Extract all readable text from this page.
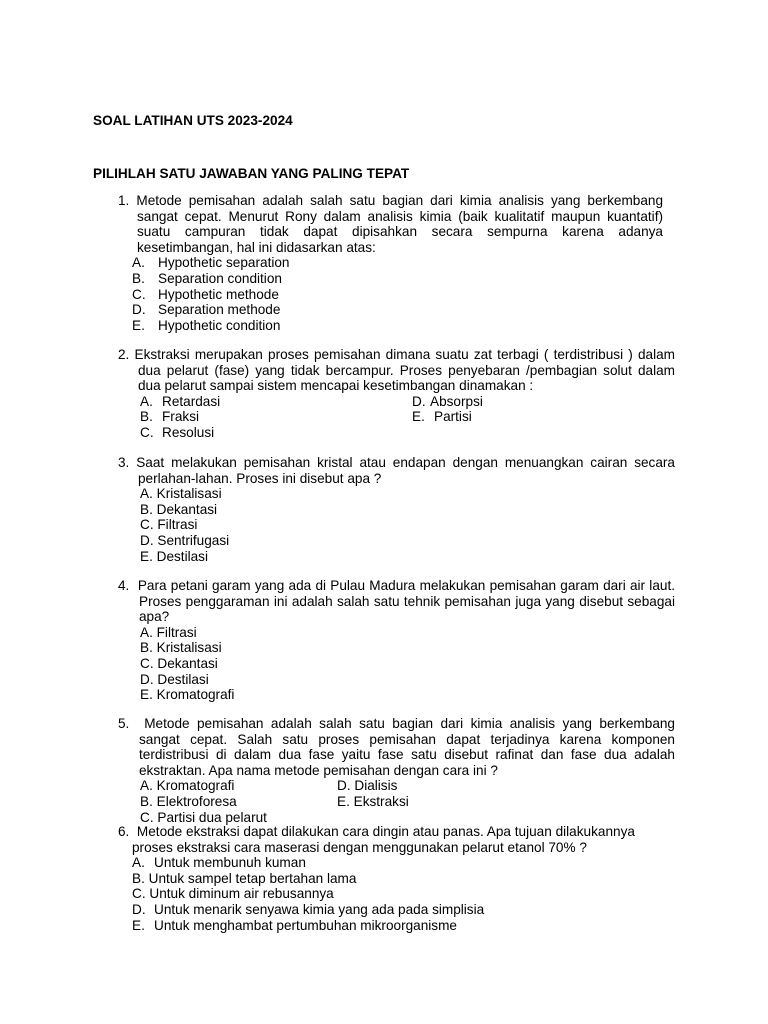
SOAL LATIHAN UTS 2023-2024
PILIHLAH SATU JAWABAN YANG PALING TEPAT
1. Metode pemisahan adalah salah satu bagian dari kimia analisis yang berkembang sangat cepat. Menurut Rony dalam analisis kimia (baik kualitatif maupun kuantatif) suatu campuran tidak dapat dipisahkan secara sempurna karena adanya kesetimbangan, hal ini didasarkan atas:
A. Hypothetic separation
B. Separation condition
C. Hypothetic methode
D. Separation methode
E. Hypothetic condition
2. Ekstraksi merupakan proses pemisahan dimana suatu zat terbagi ( terdistribusi ) dalam dua pelarut (fase) yang tidak bercampur. Proses penyebaran /pembagian solut dalam dua pelarut sampai sistem mencapai kesetimbangan dinamakan :
A. Retardasi
B. Fraksi
C. Resolusi
D. Absorpsi
E. Partisi
3. Saat melakukan pemisahan kristal atau endapan dengan menuangkan cairan secara perlahan-lahan. Proses ini disebut apa ?
A. Kristalisasi
B. Dekantasi
C. Filtrasi
D. Sentrifugasi
E. Destilasi
4. Para petani garam yang ada di Pulau Madura melakukan pemisahan garam dari air laut. Proses penggaraman ini adalah salah satu tehnik pemisahan juga yang disebut sebagai apa?
A. Filtrasi
B. Kristalisasi
C. Dekantasi
D. Destilasi
E. Kromatografi
5. Metode pemisahan adalah salah satu bagian dari kimia analisis yang berkembang sangat cepat. Salah satu proses pemisahan dapat terjadinya karena komponen terdistribusi di dalam dua fase yaitu fase satu disebut rafinat dan fase dua adalah ekstraktan. Apa nama metode pemisahan dengan cara ini ?
A. Kromatografi
B. Elektroforesa
C. Partisi dua pelarut
D. Dialisis
E. Ekstraksi
6. Metode ekstraksi dapat dilakukan cara dingin atau panas. Apa tujuan dilakukannya proses ekstraksi cara maserasi dengan menggunakan pelarut etanol 70% ?
A. Untuk membunuh kuman
B. Untuk sampel tetap bertahan lama
C. Untuk diminum air rebusannya
D. Untuk menarik senyawa kimia yang ada pada simplisia
E. Untuk menghambat pertumbuhan mikroorganisme
